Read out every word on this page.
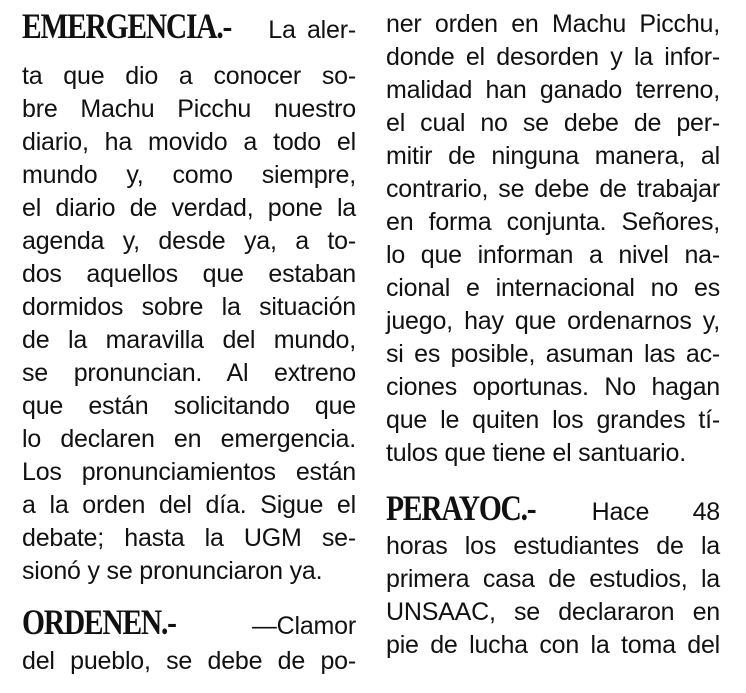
EMERGENCIA.- La aler-
ta que dio a conocer so-
bre Machu Picchu nuestro
diario, ha movido a todo el
mundo y, como siempre,
el diario de verdad, pone la
agenda y, desde ya, a to-
dos aquellos que estaban
dormidos sobre la situación
de la maravilla del mundo,
se pronuncian. Al extreno
que están solicitando que
lo declaren en emergencia.
Los pronunciamientos están
a la orden del día. Sigue el
debate; hasta la UGM se-
sionó y se pronunciaron ya.
ORDENEN.-	—Clamor
del pueblo, se debe de po-
ner orden en Machu Picchu,
donde el desorden y la infor-
malidad han ganado terreno,
el cual no se debe de per-
mitir de ninguna manera, al
contrario, se debe de trabajar
en forma conjunta. Señores,
lo que informan a nivel na-
cional e internacional no es
juego, hay que ordenarnos y,
si es posible, asuman las ac-
ciones oportunas. No hagan
que le quiten los grandes tí-
tulos que tiene el santuario.
PERAYOC.- Hace 48
horas los estudiantes de la
primera casa de estudios, la
UNSAAC, se declararon en
pie de lucha con la toma del
